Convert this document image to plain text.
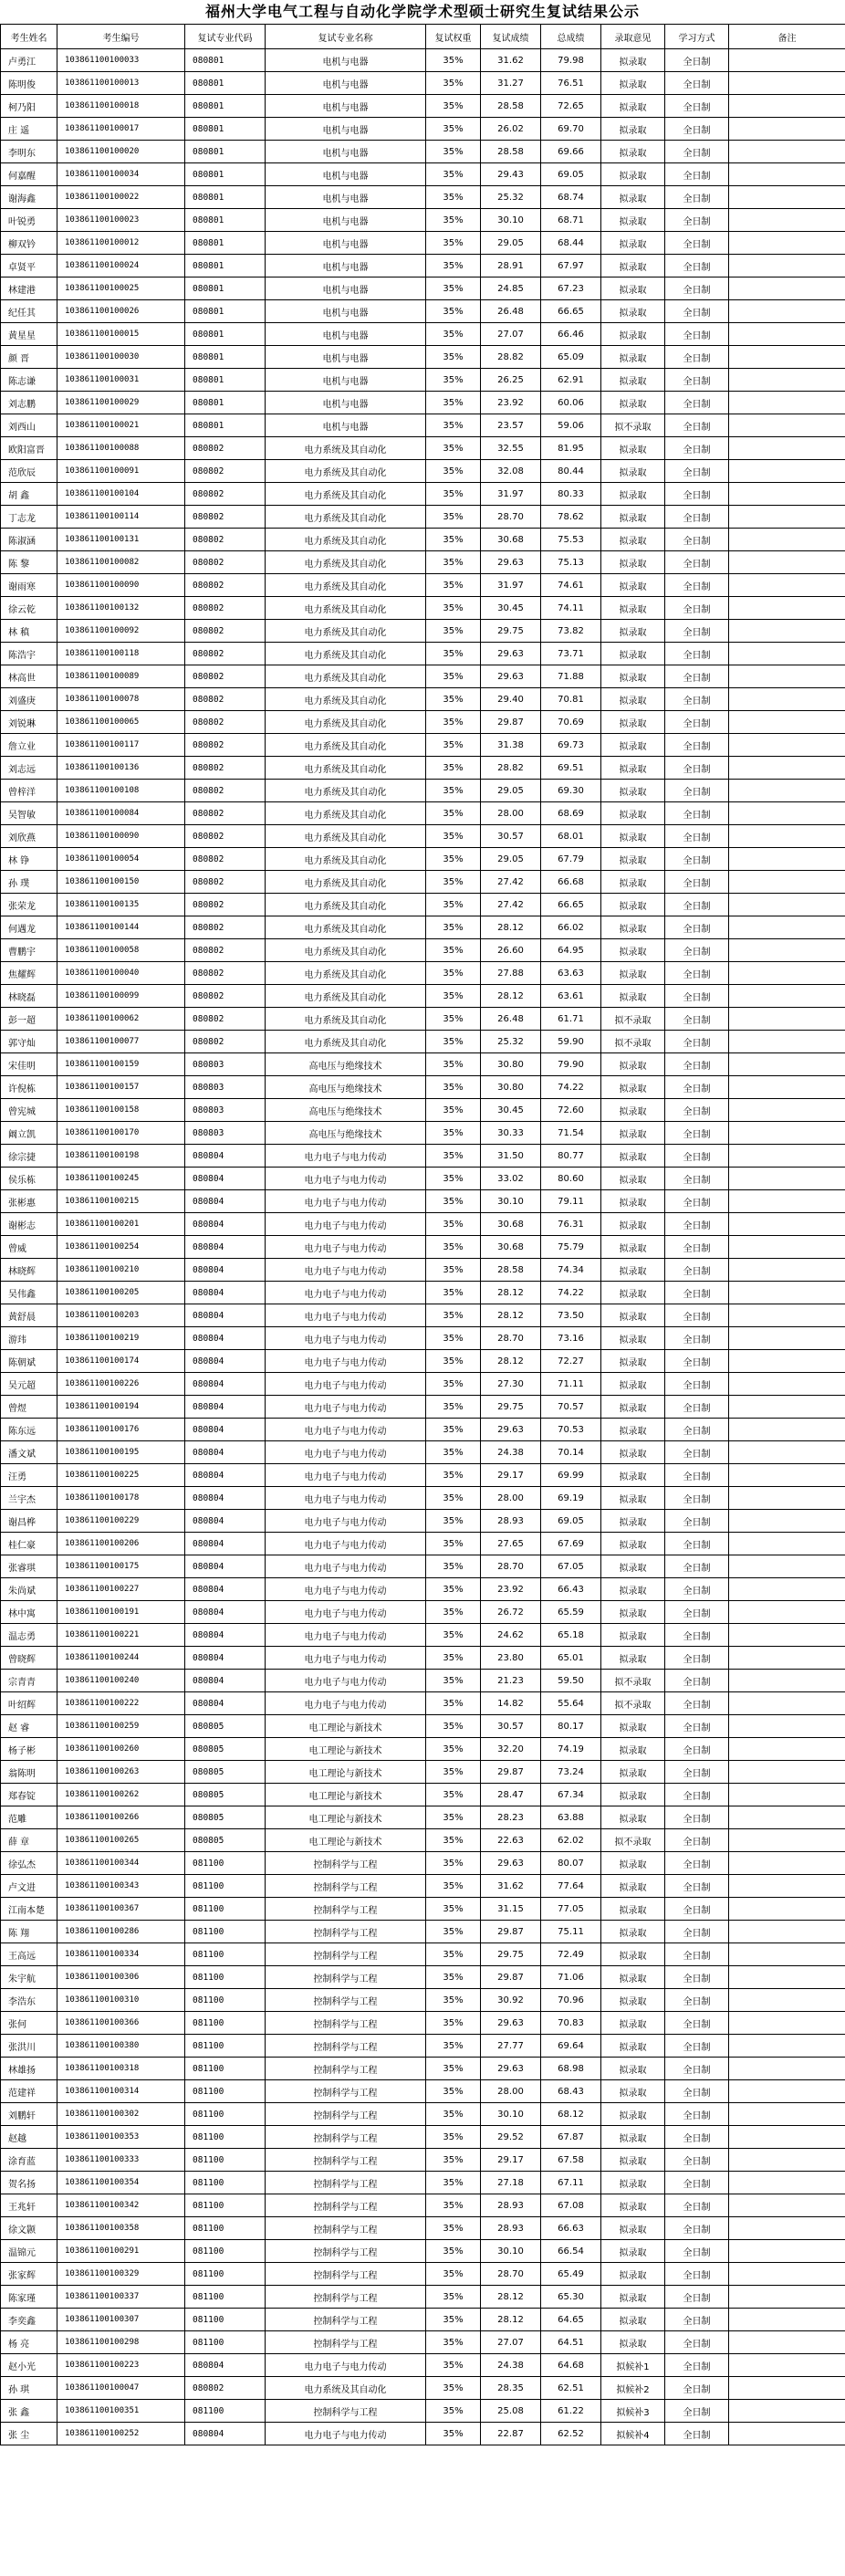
福州大学电气工程与自动化学院学术型硕士研究生复试结果公示
考生姓名	考生编号	复试专业代码	复试专业名称	复试权重	复试成绩	总成绩	录取意见	学习方式	备注
卢勇江	103861100100033	080801	电机与电器	35%	31.62	79.98	拟录取	全日制	
陈明俊	103861100100013	080801	电机与电器	35%	31.27	76.51	拟录取	全日制	
柯乃阳	103861100100018	080801	电机与电器	35%	28.58	72.65	拟录取	全日制	
庄 遥	103861100100017	080801	电机与电器	35%	26.02	69.70	拟录取	全日制	
李明东	103861100100020	080801	电机与电器	35%	28.58	69.66	拟录取	全日制	
何嘉醒	103861100100034	080801	电机与电器	35%	29.43	69.05	拟录取	全日制	
谢海鑫	103861100100022	080801	电机与电器	35%	25.32	68.74	拟录取	全日制	
叶锐勇	103861100100023	080801	电机与电器	35%	30.10	68.71	拟录取	全日制	
柳双钤	103861100100012	080801	电机与电器	35%	29.05	68.44	拟录取	全日制	
卓贤平	103861100100024	080801	电机与电器	35%	28.91	67.97	拟录取	全日制	
林建港	103861100100025	080801	电机与电器	35%	24.85	67.23	拟录取	全日制	
纪任其	103861100100026	080801	电机与电器	35%	26.48	66.65	拟录取	全日制	
黄星星	103861100100015	080801	电机与电器	35%	27.07	66.46	拟录取	全日制	
颜 晋	103861100100030	080801	电机与电器	35%	28.82	65.09	拟录取	全日制	
陈志谦	103861100100031	080801	电机与电器	35%	26.25	62.91	拟录取	全日制	
刘志鹏	103861100100029	080801	电机与电器	35%	23.92	60.06	拟录取	全日制	
刘西山	103861100100021	080801	电机与电器	35%	23.57	59.06	拟不录取	全日制	
欧阳富晋	103861100100088	080802	电力系统及其自动化	35%	32.55	81.95	拟录取	全日制	
范欣辰	103861100100091	080802	电力系统及其自动化	35%	32.08	80.44	拟录取	全日制	
胡 鑫	103861100100104	080802	电力系统及其自动化	35%	31.97	80.33	拟录取	全日制	
丁志龙	103861100100114	080802	电力系统及其自动化	35%	28.70	78.62	拟录取	全日制	
陈淑涵	103861100100131	080802	电力系统及其自动化	35%	30.68	75.53	拟录取	全日制	
陈 黎	103861100100082	080802	电力系统及其自动化	35%	29.63	75.13	拟录取	全日制	
谢雨寒	103861100100090	080802	电力系统及其自动化	35%	31.97	74.61	拟录取	全日制	
徐云乾	103861100100132	080802	电力系统及其自动化	35%	30.45	74.11	拟录取	全日制	
林 稹	103861100100092	080802	电力系统及其自动化	35%	29.75	73.82	拟录取	全日制	
陈浩宇	103861100100118	080802	电力系统及其自动化	35%	29.63	73.71	拟录取	全日制	
林高世	103861100100089	080802	电力系统及其自动化	35%	29.63	71.88	拟录取	全日制	
刘盛庚	103861100100078	080802	电力系统及其自动化	35%	29.40	70.81	拟录取	全日制	
刘锐琳	103861100100065	080802	电力系统及其自动化	35%	29.87	70.69	拟录取	全日制	
詹立业	103861100100117	080802	电力系统及其自动化	35%	31.38	69.73	拟录取	全日制	
刘志远	103861100100136	080802	电力系统及其自动化	35%	28.82	69.51	拟录取	全日制	
曾梓洋	103861100100108	080802	电力系统及其自动化	35%	29.05	69.30	拟录取	全日制	
吴智敏	103861100100084	080802	电力系统及其自动化	35%	28.00	68.69	拟录取	全日制	
刘欣燕	103861100100090	080802	电力系统及其自动化	35%	30.57	68.01	拟录取	全日制	
林 铮	103861100100054	080802	电力系统及其自动化	35%	29.05	67.79	拟录取	全日制	
孙 璞	103861100100150	080802	电力系统及其自动化	35%	27.42	66.68	拟录取	全日制	
张荣龙	103861100100135	080802	电力系统及其自动化	35%	27.42	66.65	拟录取	全日制	
何遇龙	103861100100144	080802	电力系统及其自动化	35%	28.12	66.02	拟录取	全日制	
曹鹏宇	103861100100058	080802	电力系统及其自动化	35%	26.60	64.95	拟录取	全日制	
焦耀辉	103861100100040	080802	电力系统及其自动化	35%	27.88	63.63	拟录取	全日制	
林晓磊	103861100100099	080802	电力系统及其自动化	35%	28.12	63.61	拟录取	全日制	
彭一超	103861100100062	080802	电力系统及其自动化	35%	26.48	61.71	拟不录取	全日制	
郭守灿	103861100100077	080802	电力系统及其自动化	35%	25.32	59.90	拟不录取	全日制	
宋佳明	103861100100159	080803	高电压与绝缘技术	35%	30.80	79.90	拟录取	全日制	
许倪栋	103861100100157	080803	高电压与绝缘技术	35%	30.80	74.22	拟录取	全日制	
曾宪城	103861100100158	080803	高电压与绝缘技术	35%	30.45	72.60	拟录取	全日制	
阚立凯	103861100100170	080803	高电压与绝缘技术	35%	30.33	71.54	拟录取	全日制	
徐宗捷	103861100100198	080804	电力电子与电力传动	35%	31.50	80.77	拟录取	全日制	
侯乐栋	103861100100245	080804	电力电子与电力传动	35%	33.02	80.60	拟录取	全日制	
张彬惠	103861100100215	080804	电力电子与电力传动	35%	30.10	79.11	拟录取	全日制	
谢彬志	103861100100201	080804	电力电子与电力传动	35%	30.68	76.31	拟录取	全日制	
曾威	103861100100254	080804	电力电子与电力传动	35%	30.68	75.79	拟录取	全日制	
林晓辉	103861100100210	080804	电力电子与电力传动	35%	28.58	74.34	拟录取	全日制	
吴伟鑫	103861100100205	080804	电力电子与电力传动	35%	28.12	74.22	拟录取	全日制	
黄舒晨	103861100100203	080804	电力电子与电力传动	35%	28.12	73.50	拟录取	全日制	
游玮	103861100100219	080804	电力电子与电力传动	35%	28.70	73.16	拟录取	全日制	
陈朝斌	103861100100174	080804	电力电子与电力传动	35%	28.12	72.27	拟录取	全日制	
吴元超	103861100100226	080804	电力电子与电力传动	35%	27.30	71.11	拟录取	全日制	
曾煜	103861100100194	080804	电力电子与电力传动	35%	29.75	70.57	拟录取	全日制	
陈东远	103861100100176	080804	电力电子与电力传动	35%	29.63	70.53	拟录取	全日制	
潘文斌	103861100100195	080804	电力电子与电力传动	35%	24.38	70.14	拟录取	全日制	
汪勇	103861100100225	080804	电力电子与电力传动	35%	29.17	69.99	拟录取	全日制	
兰宇杰	103861100100178	080804	电力电子与电力传动	35%	28.00	69.19	拟录取	全日制	
谢昌桦	103861100100229	080804	电力电子与电力传动	35%	28.93	69.05	拟录取	全日制	
桂仁豪	103861100100206	080804	电力电子与电力传动	35%	27.65	67.69	拟录取	全日制	
张睿琪	103861100100175	080804	电力电子与电力传动	35%	28.70	67.05	拟录取	全日制	
朱尚斌	103861100100227	080804	电力电子与电力传动	35%	23.92	66.43	拟录取	全日制	
林中寓	103861100100191	080804	电力电子与电力传动	35%	26.72	65.59	拟录取	全日制	
温志勇	103861100100221	080804	电力电子与电力传动	35%	24.62	65.18	拟录取	全日制	
曾晓辉	103861100100244	080804	电力电子与电力传动	35%	23.80	65.01	拟录取	全日制	
宗青青	103861100100240	080804	电力电子与电力传动	35%	21.23	59.50	拟不录取	全日制	
叶绍辉	103861100100222	080804	电力电子与电力传动	35%	14.82	55.64	拟不录取	全日制	
赵 睿	103861100100259	080805	电工理论与新技术	35%	30.57	80.17	拟录取	全日制	
杨子彬	103861100100260	080805	电工理论与新技术	35%	32.20	74.19	拟录取	全日制	
翁陈明	103861100100263	080805	电工理论与新技术	35%	29.87	73.24	拟录取	全日制	
郑春锭	103861100100262	080805	电工理论与新技术	35%	28.47	67.34	拟录取	全日制	
范雕	103861100100266	080805	电工理论与新技术	35%	28.23	63.88	拟录取	全日制	
薛 章	103861100100265	080805	电工理论与新技术	35%	22.63	62.02	拟不录取	全日制	
徐弘杰	103861100100344	081100	控制科学与工程	35%	29.63	80.07	拟录取	全日制	
卢文进	103861100100343	081100	控制科学与工程	35%	31.62	77.64	拟录取	全日制	
江南本楚	103861100100367	081100	控制科学与工程	35%	31.15	77.05	拟录取	全日制	
陈 翔	103861100100286	081100	控制科学与工程	35%	29.87	75.11	拟录取	全日制	
王高远	103861100100334	081100	控制科学与工程	35%	29.75	72.49	拟录取	全日制	
朱宇航	103861100100306	081100	控制科学与工程	35%	29.87	71.06	拟录取	全日制	
李浩东	103861100100310	081100	控制科学与工程	35%	30.92	70.96	拟录取	全日制	
张何	103861100100366	081100	控制科学与工程	35%	29.63	70.83	拟录取	全日制	
张洪川	103861100100380	081100	控制科学与工程	35%	27.77	69.64	拟录取	全日制	
林雄扬	103861100100318	081100	控制科学与工程	35%	29.63	68.98	拟录取	全日制	
范建祥	103861100100314	081100	控制科学与工程	35%	28.00	68.43	拟录取	全日制	
刘鹏轩	103861100100302	081100	控制科学与工程	35%	30.10	68.12	拟录取	全日制	
赵越	103861100100353	081100	控制科学与工程	35%	29.52	67.87	拟录取	全日制	
涂育蓝	103861100100333	081100	控制科学与工程	35%	29.17	67.58	拟录取	全日制	
贺名扬	103861100100354	081100	控制科学与工程	35%	27.18	67.11	拟录取	全日制	
王兆轩	103861100100342	081100	控制科学与工程	35%	28.93	67.08	拟录取	全日制	
徐文颢	103861100100358	081100	控制科学与工程	35%	28.93	66.63	拟录取	全日制	
温锦元	103861100100291	081100	控制科学与工程	35%	30.10	66.54	拟录取	全日制	
张家辉	103861100100329	081100	控制科学与工程	35%	28.70	65.49	拟录取	全日制	
陈家瑾	103861100100337	081100	控制科学与工程	35%	28.12	65.30	拟录取	全日制	
李奕鑫	103861100100307	081100	控制科学与工程	35%	28.12	64.65	拟录取	全日制	
杨 亮	103861100100298	081100	控制科学与工程	35%	27.07	64.51	拟录取	全日制	
赵小光	103861100100223	080804	电力电子与电力传动	35%	24.38	64.68	拟候补1	全日制	
孙 琪	103861100100047	080802	电力系统及其自动化	35%	28.35	62.51	拟候补2	全日制	
张 鑫	103861100100351	081100	控制科学与工程	35%	25.08	61.22	拟候补3	全日制	
张 尘	103861100100252	080804	电力电子与电力传动	35%	22.87	62.52	拟候补4	全日制	
